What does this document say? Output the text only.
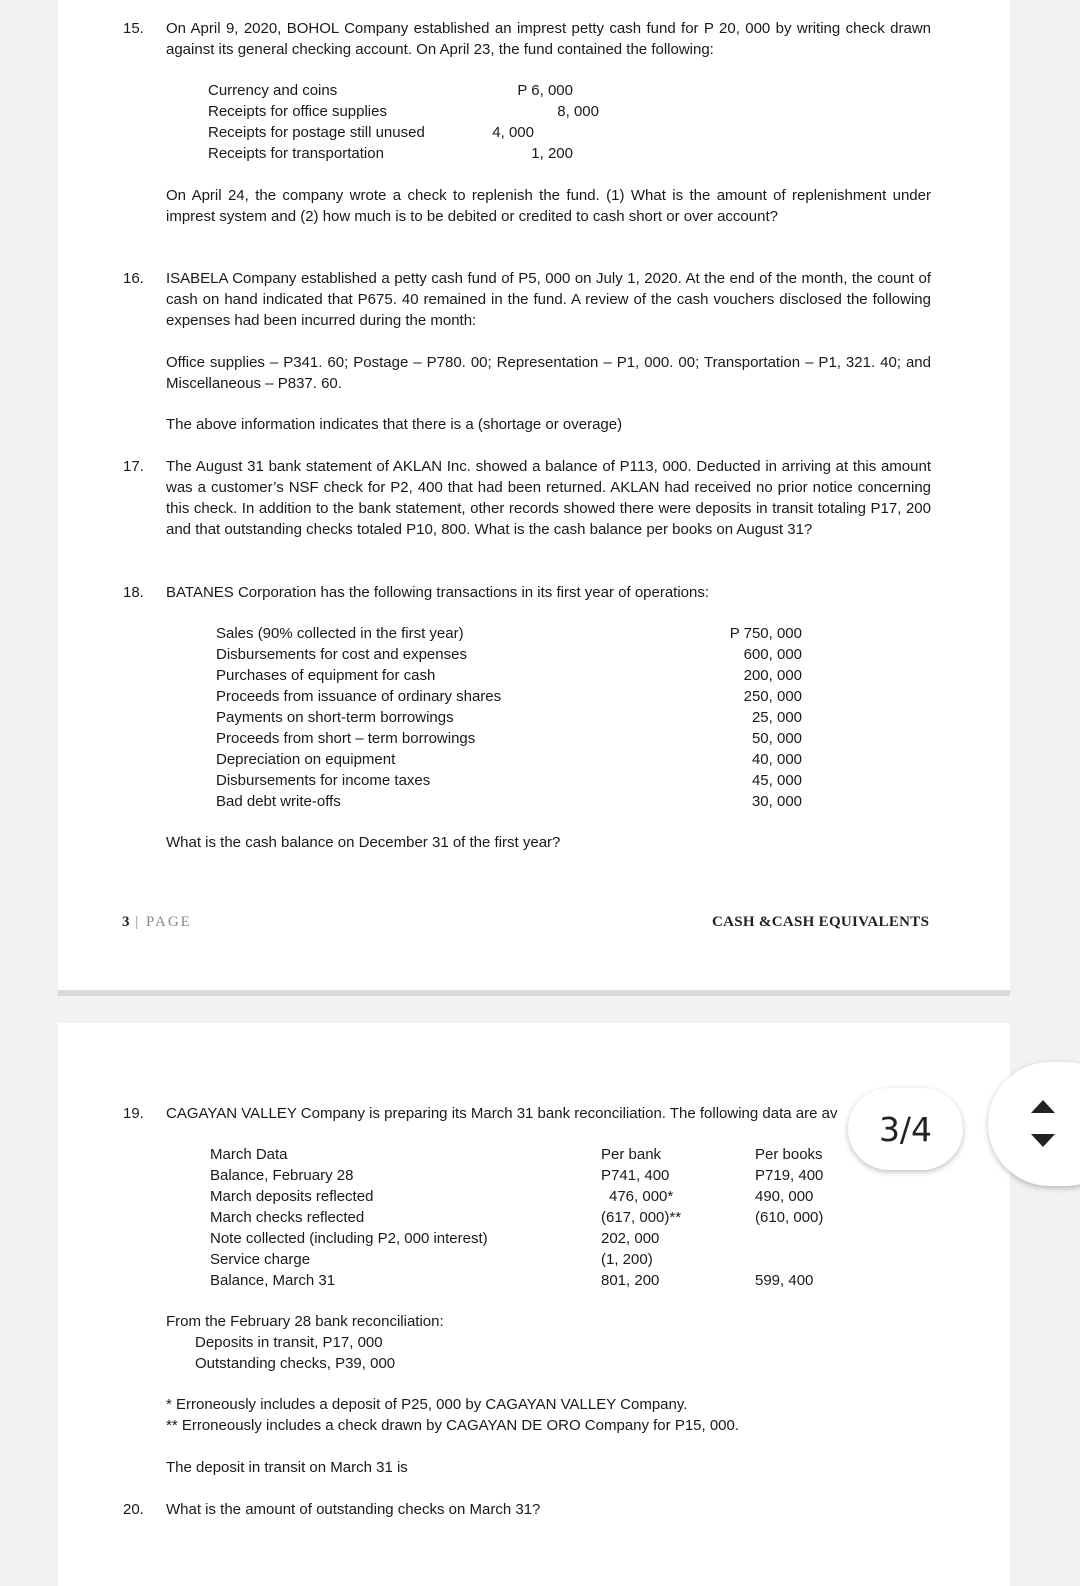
15. On April 9, 2020, BOHOL Company established an imprest petty cash fund for P 20, 000 by writing check drawn against its general checking account. On April 23, the fund contained the following:
Currency and coins	P 6, 000
Receipts for office supplies	8, 000
Receipts for postage still unused	4, 000
Receipts for transportation	1, 200
On April 24, the company wrote a check to replenish the fund. (1) What is the amount of replenishment under imprest system and (2) how much is to be debited or credited to cash short or over account?
16. ISABELA Company established a petty cash fund of P5, 000 on July 1, 2020. At the end of the month, the count of cash on hand indicated that P675. 40 remained in the fund. A review of the cash vouchers disclosed the following expenses had been incurred during the month:
Office supplies – P341. 60; Postage – P780. 00; Representation – P1, 000. 00; Transportation – P1, 321. 40; and Miscellaneous – P837. 60.
The above information indicates that there is a (shortage or overage)
17. The August 31 bank statement of AKLAN Inc. showed a balance of P113, 000. Deducted in arriving at this amount was a customer’s NSF check for P2, 400 that had been returned. AKLAN had received no prior notice concerning this check. In addition to the bank statement, other records showed there were deposits in transit totaling P17, 200 and that outstanding checks totaled P10, 800. What is the cash balance per books on August 31?
18. BATANES Corporation has the following transactions in its first year of operations:
Sales (90% collected in the first year)	P 750, 000
Disbursements for cost and expenses	600, 000
Purchases of equipment for cash	200, 000
Proceeds from issuance of ordinary shares	250, 000
Payments on short-term borrowings	25, 000
Proceeds from short – term borrowings	50, 000
Depreciation on equipment	40, 000
Disbursements for income taxes	45, 000
Bad debt write-offs	30, 000
What is the cash balance on December 31 of the first year?
3 | PAGE	CASH &CASH EQUIVALENTS
19. CAGAYAN VALLEY Company is preparing its March 31 bank reconciliation. The following data are av
March Data	Per bank	Per books
Balance, February 28	P741, 400	P719, 400
March deposits reflected	476, 000*	490, 000
March checks reflected	(617, 000)**	(610, 000)
Note collected (including P2, 000 interest)	202, 000
Service charge	(1, 200)
Balance, March 31	801, 200	599, 400
From the February 28 bank reconciliation:
Deposits in transit, P17, 000
Outstanding checks, P39, 000
* Erroneously includes a deposit of P25, 000 by CAGAYAN VALLEY Company.
** Erroneously includes a check drawn by CAGAYAN DE ORO Company for P15, 000.
The deposit in transit on March 31 is
20. What is the amount of outstanding checks on March 31?
3/4
